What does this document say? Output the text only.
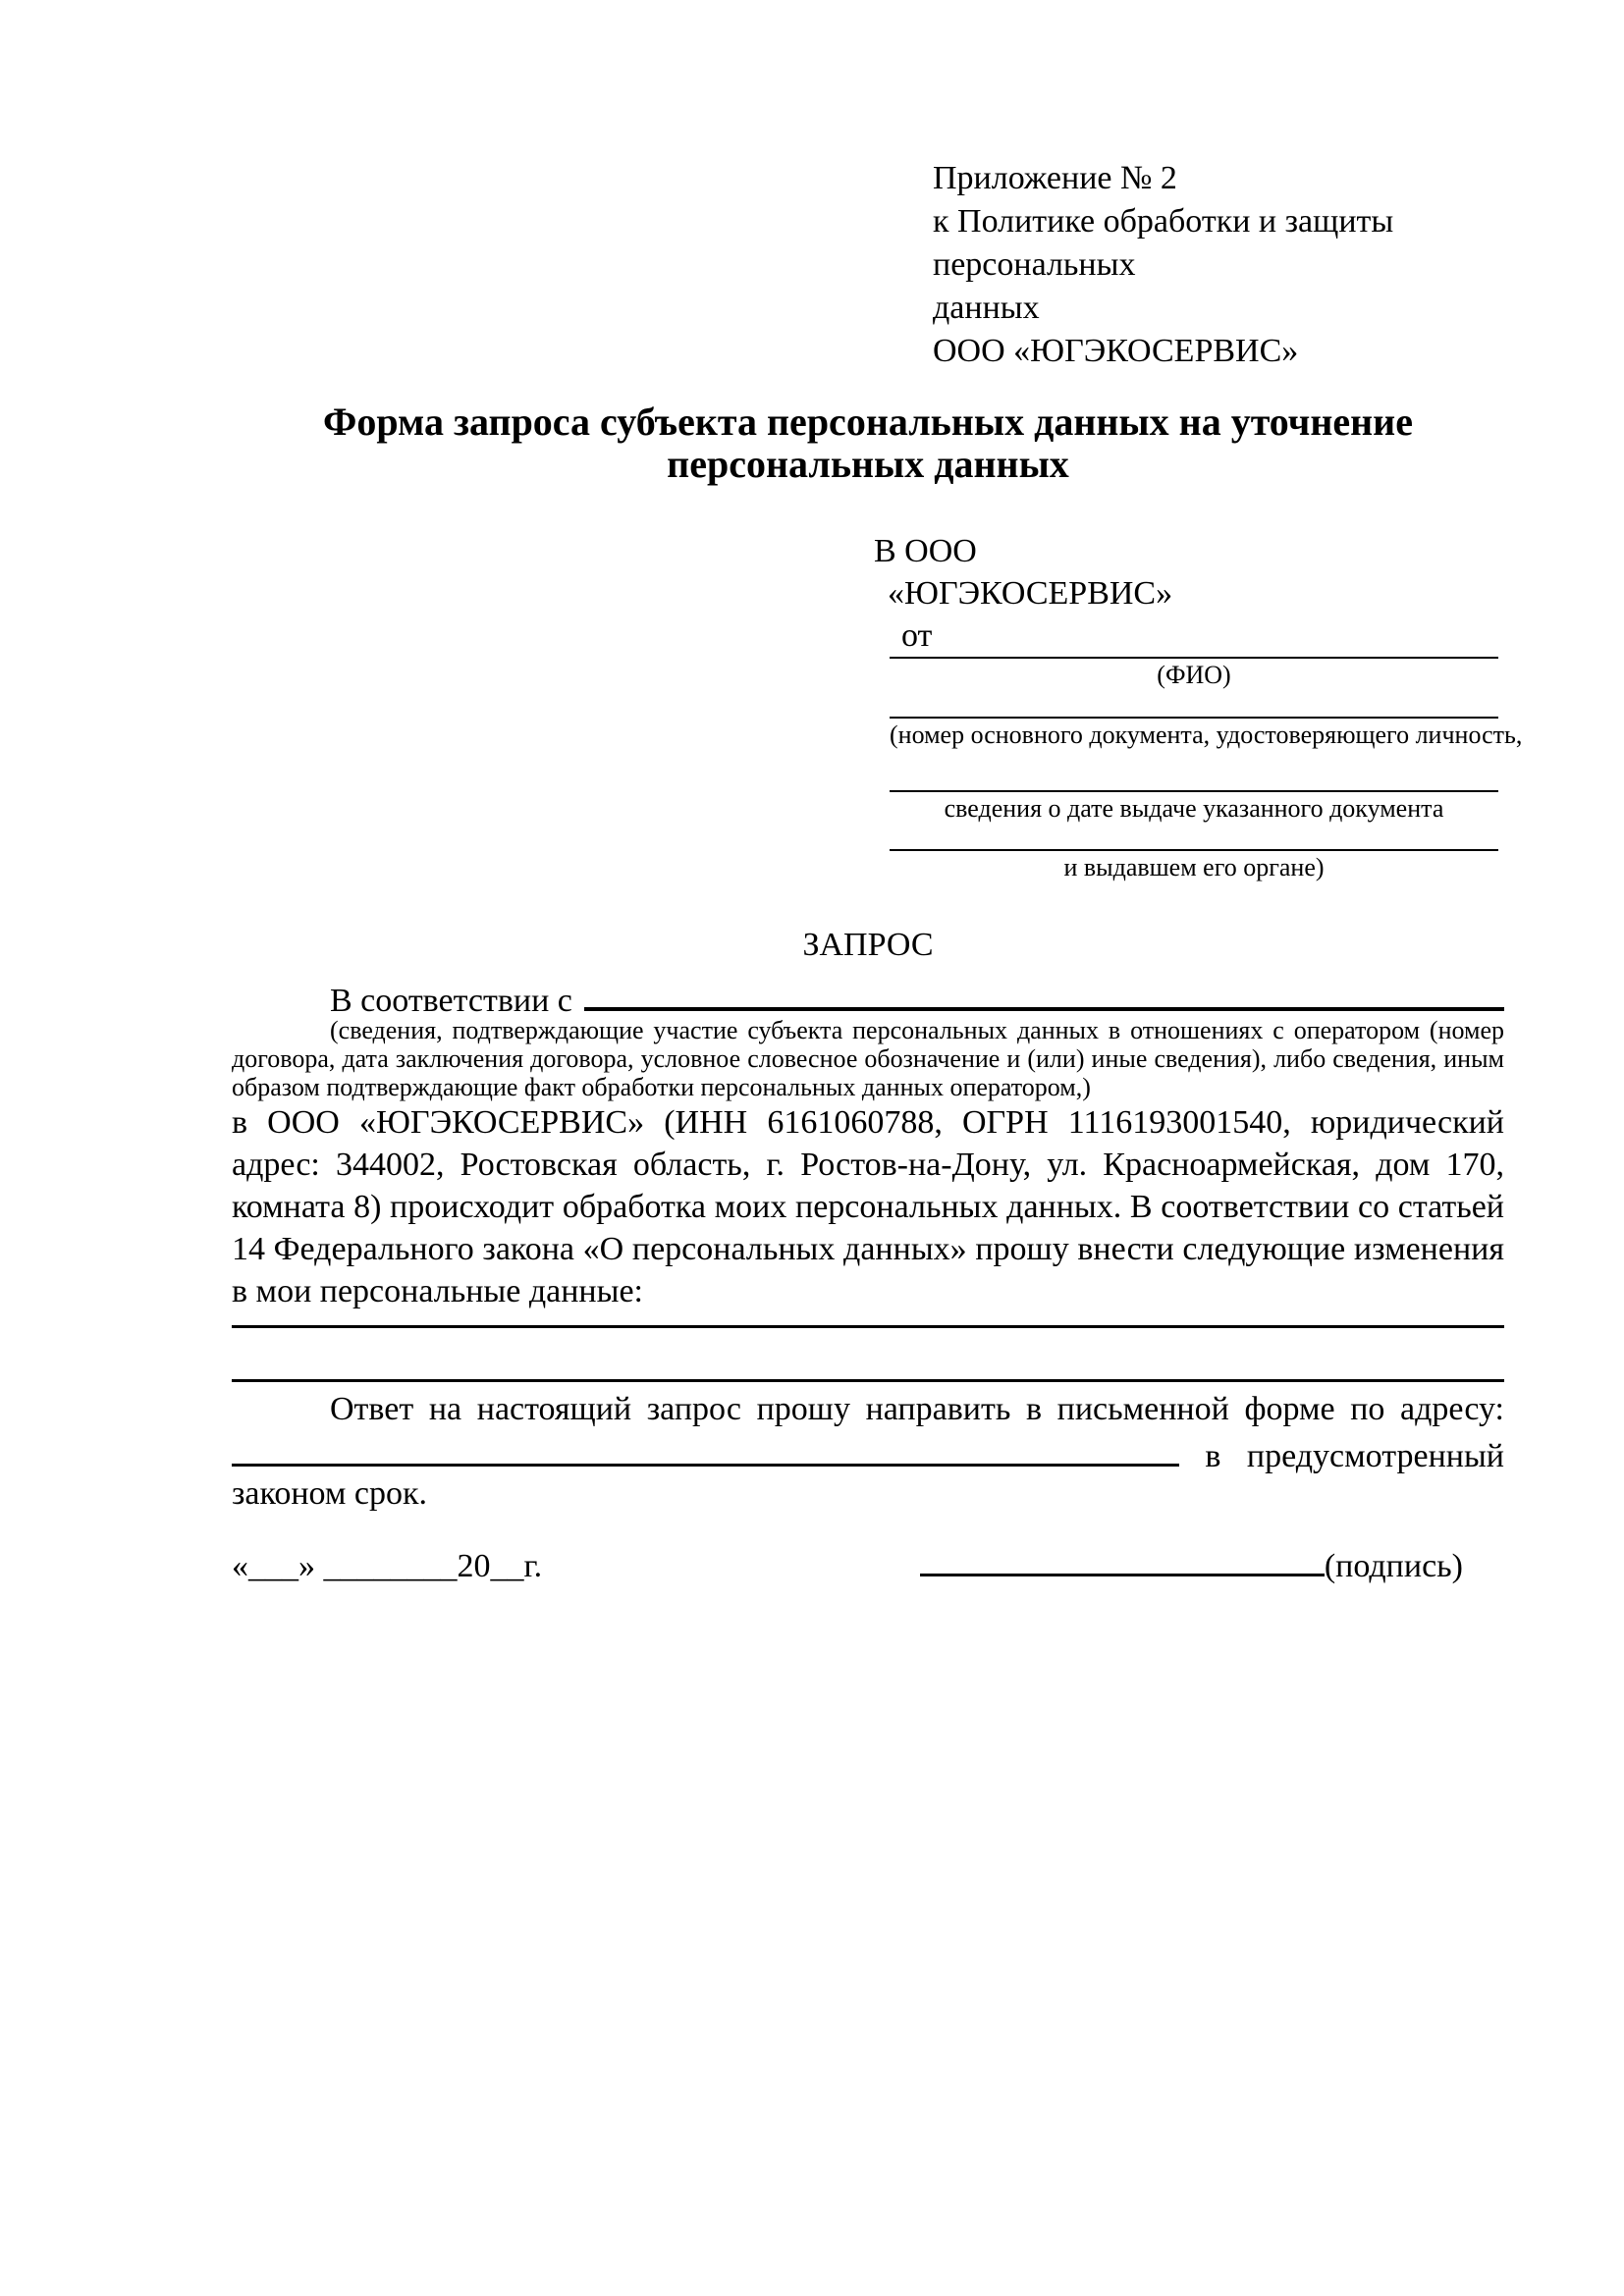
Приложение № 2
к Политике обработки и защиты персональных
данных
ООО «ЮГЭКОСЕРВИС»
Форма запроса субъекта персональных данных на уточнение персональных данных
В ООО
«ЮГЭКОСЕРВИС»
от
(ФИО)
(номер основного документа, удостоверяющего личность,
сведения о дате выдаче указанного документа
и выдавшем его органе)
ЗАПРОС
В соответствии с

(сведения, подтверждающие участие субъекта персональных данных в отношениях с оператором (номер договора, дата заключения договора, условное словесное обозначение и (или) иные сведения), либо сведения, иным образом подтверждающие факт обработки персональных данных оператором,)

в ООО «ЮГЭКОСЕРВИС» (ИНН 6161060788, ОГРН 1116193001540, юридический адрес: 344002, Ростовская область, г. Ростов-на-Дону, ул. Красноармейская, дом 170, комната 8) происходит обработка моих персональных данных. В соответствии со статьей 14 Федерального закона «О персональных данных» прошу внести следующие изменения в мои персональные данные:

Ответ на настоящий запрос прошу направить в письменной форме по адресу:
в предусмотренный
законом срок.
«___» ________20__г.	(подпись)
